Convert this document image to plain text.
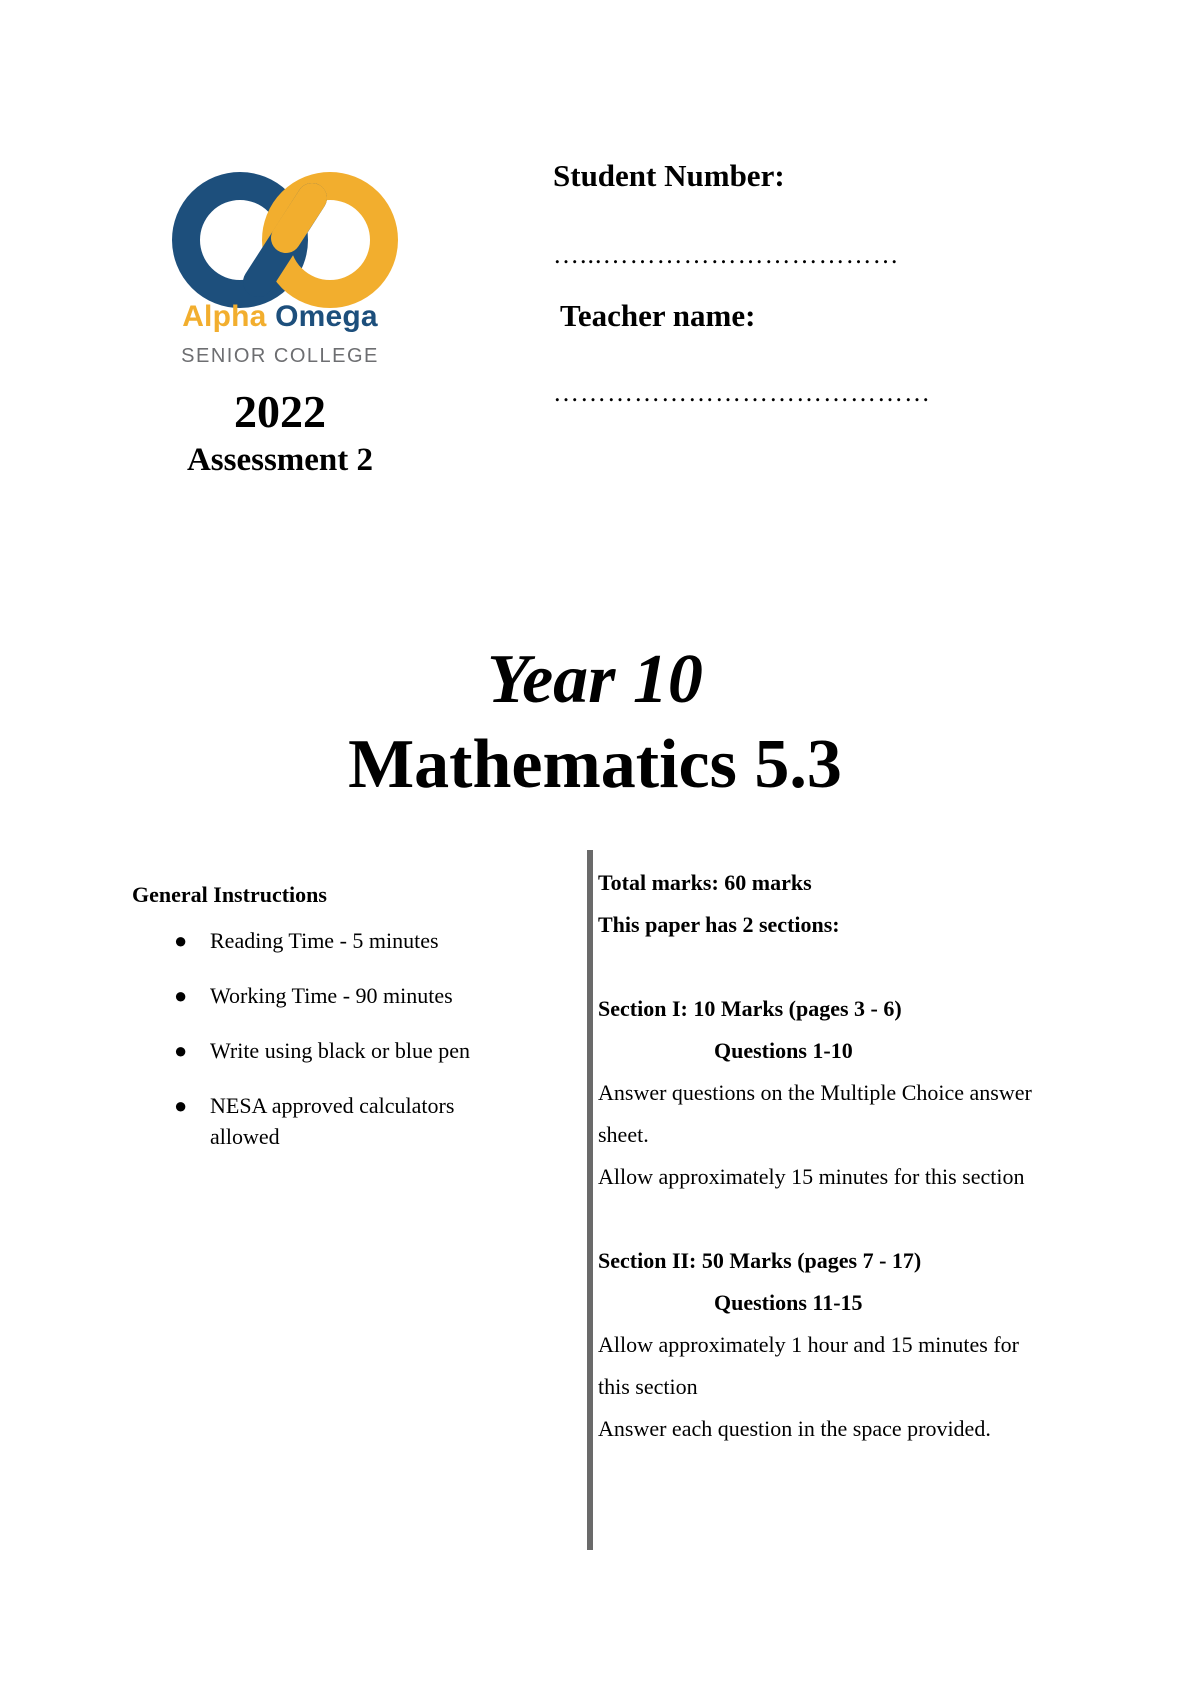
Alpha Omega
SENIOR COLLEGE
2022
Assessment 2
Student Number:
…...……………………………
Teacher name:
……………………………………
Year 10
Mathematics 5.3
General Instructions
● Reading Time - 5 minutes
● Working Time - 90 minutes
● Write using black or blue pen
● NESA approved calculators allowed
Total marks: 60 marks
This paper has 2 sections:
Section I: 10 Marks (pages 3 - 6)
Questions 1-10
Answer questions on the Multiple Choice answer
sheet.
Allow approximately 15 minutes for this section
Section II: 50 Marks (pages 7 - 17)
Questions 11-15
Allow approximately 1 hour and 15 minutes for
this section
Answer each question in the space provided.
